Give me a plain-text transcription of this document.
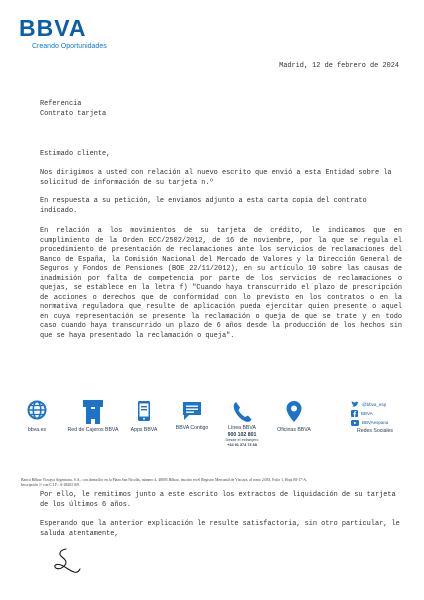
BBVA
Creando Oportunidades
Madrid, 12 de febrero de 2024
Referencia
Contrato tarjeta
Estimado cliente,
Nos dirigimos a usted con relación al nuevo escrito que envió a esta Entidad sobre la solicitud de información de su tarjeta n.º
En respuesta a su petición, le enviamos adjunto a esta carta copia del contrato indicado.
En relación a los movimientos de su tarjeta de crédito, le indicamos que en cumplimiento de la Orden ECC/2502/2012, de 16 de noviembre, por la que se regula el procedimiento de presentación de reclamaciones ante los servicios de reclamaciones del Banco de España, la Comisión Nacional del Mercado de Valores y la Dirección General de Seguros y Fondos de Pensiones (BOE 22/11/2012), en su artículo 10 sobre las causas de inadmisión por falta de competencia por parte de los servicios de reclamaciones o quejas, se establece en la letra f) "Cuando haya transcurrido el plazo de prescripción de acciones o derechos que de conformidad con lo previsto en los contratos o en la normativa reguladora que resulte de aplicación pueda ejercitar quien presente o aquel en cuya representación se presente la reclamación o queja de que se trate y en todo caso cuando haya transcurrido un plazo de 6 años desde la producción de los hechos sin que se haya presentado la reclamación o queja".
bbva.es	Red de Cajeros BBVA	Apps BBVA	BBVA Contigo	Línea BBVA
900 102 801
Desde el extranjero
+34 91 374 73 68
Oficinas BBVA
@bbva_esp
BBVA
BBVAespana
Redes Sociales
Banco Bilbao Vizcaya Argentaria, S.A., con domicilio en la Plaza San Nicolás, número 4, 48005 Bilbao, inscrito en el Registro Mercantil de Vizcaya, al tomo 2.083, Folio 1, Hoja BI-17-A, Inscripción 1ª con C.I.F.: A-48265169.
Por ello, le remitimos junto a este escrito los extractos de liquidación de su tarjeta de los últimos 6 años.
Esperando que la anterior explicación le resulte satisfactoria, sin otro particular, le saluda atentamente,
